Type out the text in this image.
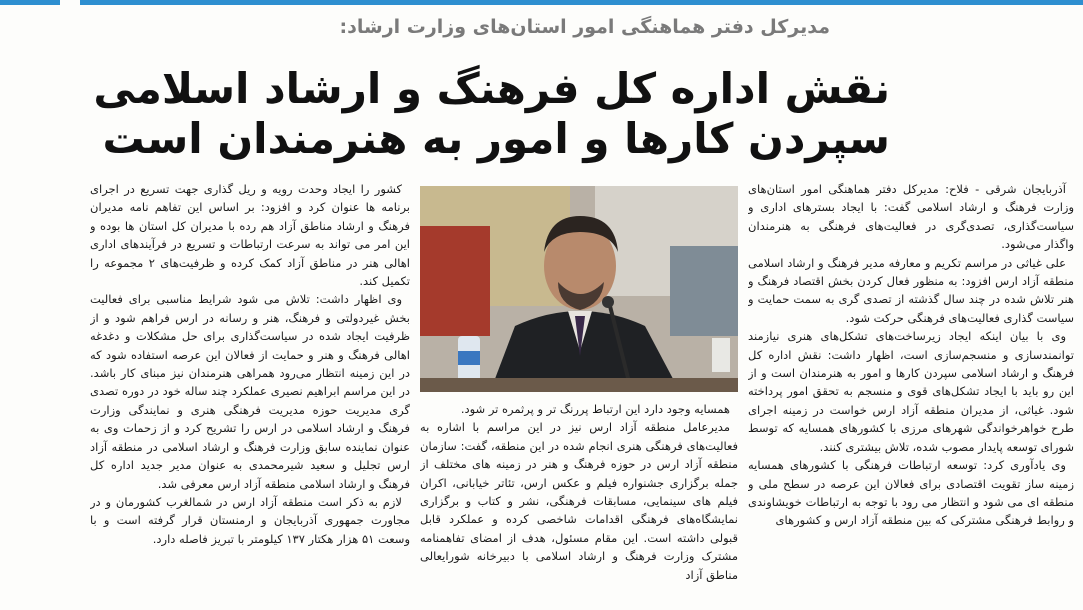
مدیرکل دفتر هماهنگی امور استان‌های وزارت ارشاد:
نقش اداره کل فرهنگ و ارشاد اسلامی
سپردن کارها و امور به هنرمندان است

آذربایجان شرقی - فلاح: مدیرکل دفتر هماهنگی امور استان‌های وزارت فرهنگ و ارشاد اسلامی گفت: با ایجاد بسترهای اداری و سیاست‌گذاری، تصدی‌گری در فعالیت‌های فرهنگی به هنرمندان واگذار می‌شود.

علی غیاثی در مراسم تکریم و معارفه مدیر فرهنگ و ارشاد اسلامی منطقه آزاد ارس افزود: به منظور فعال کردن بخش اقتصاد فرهنگ و هنر تلاش شده در چند سال گذشته از تصدی گری به سمت حمایت و سیاست گذاری فعالیت‌های فرهنگی حرکت شود.

وی با بیان اینکه ایجاد زیرساخت‌های تشکل‌های هنری نیازمند توانمندسازی و منسجم‌سازی است، اظهار داشت: نقش اداره کل فرهنگ و ارشاد اسلامی سپردن کارها و امور به هنرمندان است و از این رو باید با ایجاد تشکل‌های قوی و منسجم به تحقق امور پرداخته شود. غیاثی، از مدیران منطقه آزاد ارس خواست در زمینه اجرای طرح خواهرخواندگی شهرهای مرزی با کشورهای همسایه که توسط شورای توسعه پایدار مصوب شده، تلاش بیشتری کنند.

وی یادآوری کرد: توسعه ارتباطات فرهنگی با کشورهای همسایه زمینه ساز تقویت اقتصادی برای فعالان این عرصه در سطح ملی و منطقه ای می شود و انتظار می رود با توجه به ارتباطات خویشاوندی و روابط فرهنگی مشترکی که بین منطقه آزاد ارس و کشورهای

همسایه وجود دارد این ارتباط پررنگ تر و پرثمره تر شود.

مدیرعامل منطقه آزاد ارس نیز در این مراسم با اشاره به فعالیت‌های فرهنگی هنری انجام شده در این منطقه، گفت: سازمان منطقه آزاد ارس در حوزه فرهنگ و هنر در زمینه های مختلف از جمله برگزاری جشنواره فیلم و عکس ارس، تئاتر خیابانی، اکران فیلم های سینمایی، مسابقات فرهنگی، نشر و کتاب و برگزاری نمایشگاه‌های فرهنگی اقدامات شاخصی کرده و عملکرد قابل قبولی داشته است. این مقام مسئول، هدف از امضای تفاهمنامه مشترک وزارت فرهنگ و ارشاد اسلامی با دبیرخانه شورایعالی مناطق آزاد

کشور را ایجاد وحدت رویه و ریل گذاری جهت تسریع در اجرای برنامه ها عنوان کرد و افزود: بر اساس این تفاهم نامه مدیران فرهنگ و ارشاد مناطق آزاد هم رده با مدیران کل استان ها بوده و این امر می تواند به سرعت ارتباطات و تسریع در فرآیندهای اداری اهالی هنر در مناطق آزاد کمک کرده و ظرفیت‌های ۲ مجموعه را تکمیل کند.

وی اظهار داشت: تلاش می شود شرایط مناسبی برای فعالیت بخش غیردولتی و فرهنگ، هنر و رسانه در ارس فراهم شود و از ظرفیت ایجاد شده در سیاست‌گذاری برای حل مشکلات و دغدغه اهالی فرهنگ و هنر و حمایت از فعالان این عرصه استفاده شود که در این زمینه انتظار می‌رود همراهی هنرمندان نیز مبنای کار باشد. در این مراسم ابراهیم نصیری عملکرد چند ساله خود در دوره تصدی گری مدیریت حوزه مدیریت فرهنگی هنری و نمایندگی وزارت فرهنگ و ارشاد اسلامی در ارس را تشریح کرد و از زحمات وی به عنوان نماینده سابق وزارت فرهنگ و ارشاد اسلامی در منطقه آزاد ارس تجلیل و سعید شیرمحمدی به عنوان مدیر جدید اداره کل فرهنگ و ارشاد اسلامی منطقه آزاد ارس معرفی شد.

لازم به ذکر است منطقه آزاد ارس در شمالغرب کشورمان و در مجاورت جمهوری آذربایجان و ارمنستان قرار گرفته است و با وسعت ۵۱ هزار هکتار ۱۳۷ کیلومتر با تبریز فاصله دارد.
